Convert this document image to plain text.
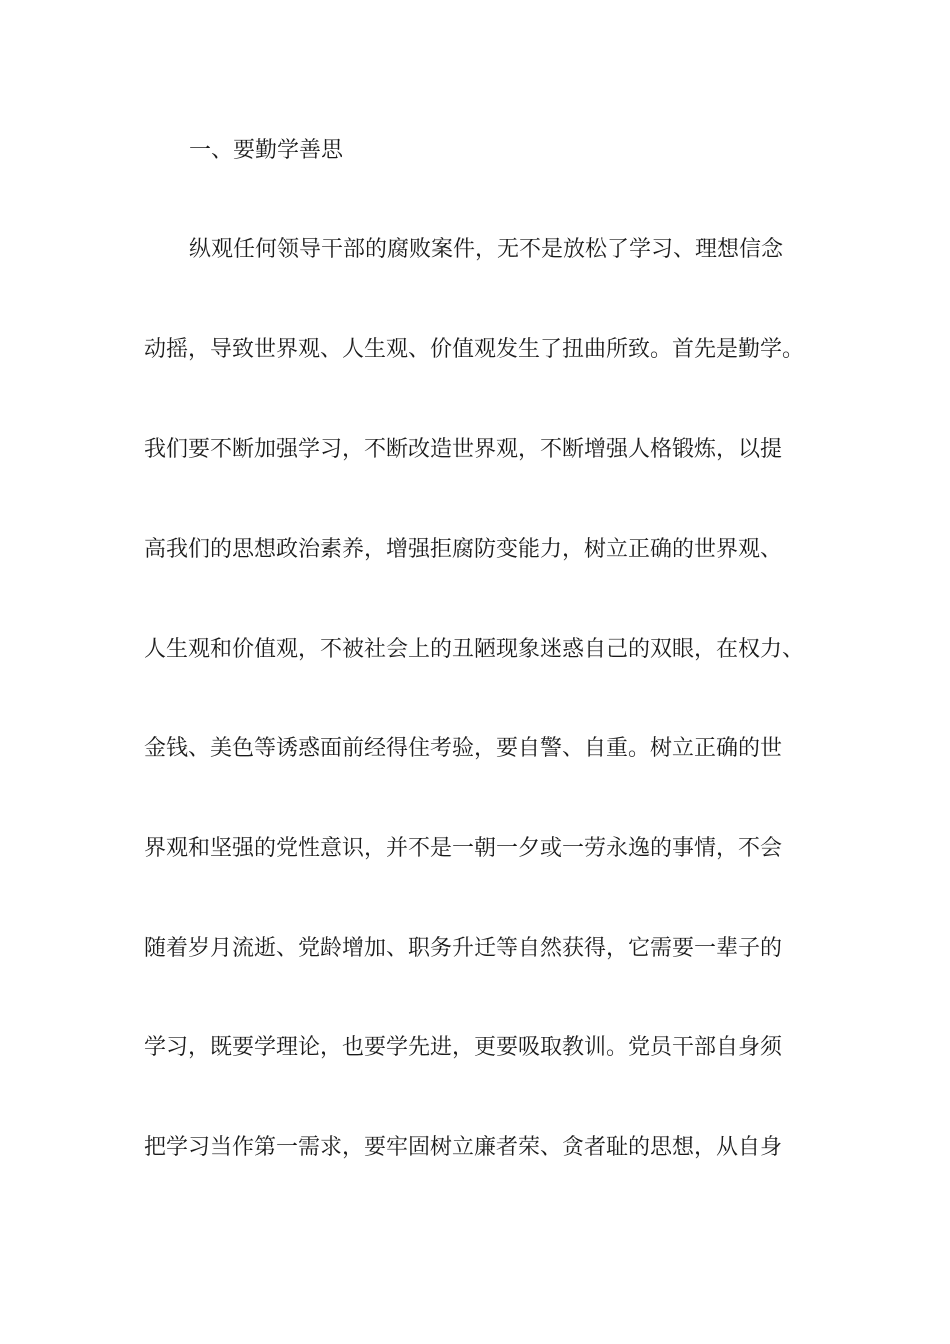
一、要勤学善思

纵观任何领导干部的腐败案件，无不是放松了学习、理想信念

动摇，导致世界观、人生观、价值观发生了扭曲所致。首先是勤学。

我们要不断加强学习，不断改造世界观，不断增强人格锻炼，以提

高我们的思想政治素养，增强拒腐防变能力，树立正确的世界观、

人生观和价值观，不被社会上的丑陋现象迷惑自己的双眼，在权力、

金钱、美色等诱惑面前经得住考验，要自警、自重。树立正确的世

界观和坚强的党性意识，并不是一朝一夕或一劳永逸的事情，不会

随着岁月流逝、党龄增加、职务升迁等自然获得，它需要一辈子的

学习，既要学理论，也要学先进，更要吸取教训。党员干部自身须

把学习当作第一需求，要牢固树立廉者荣、贪者耻的思想，从自身
